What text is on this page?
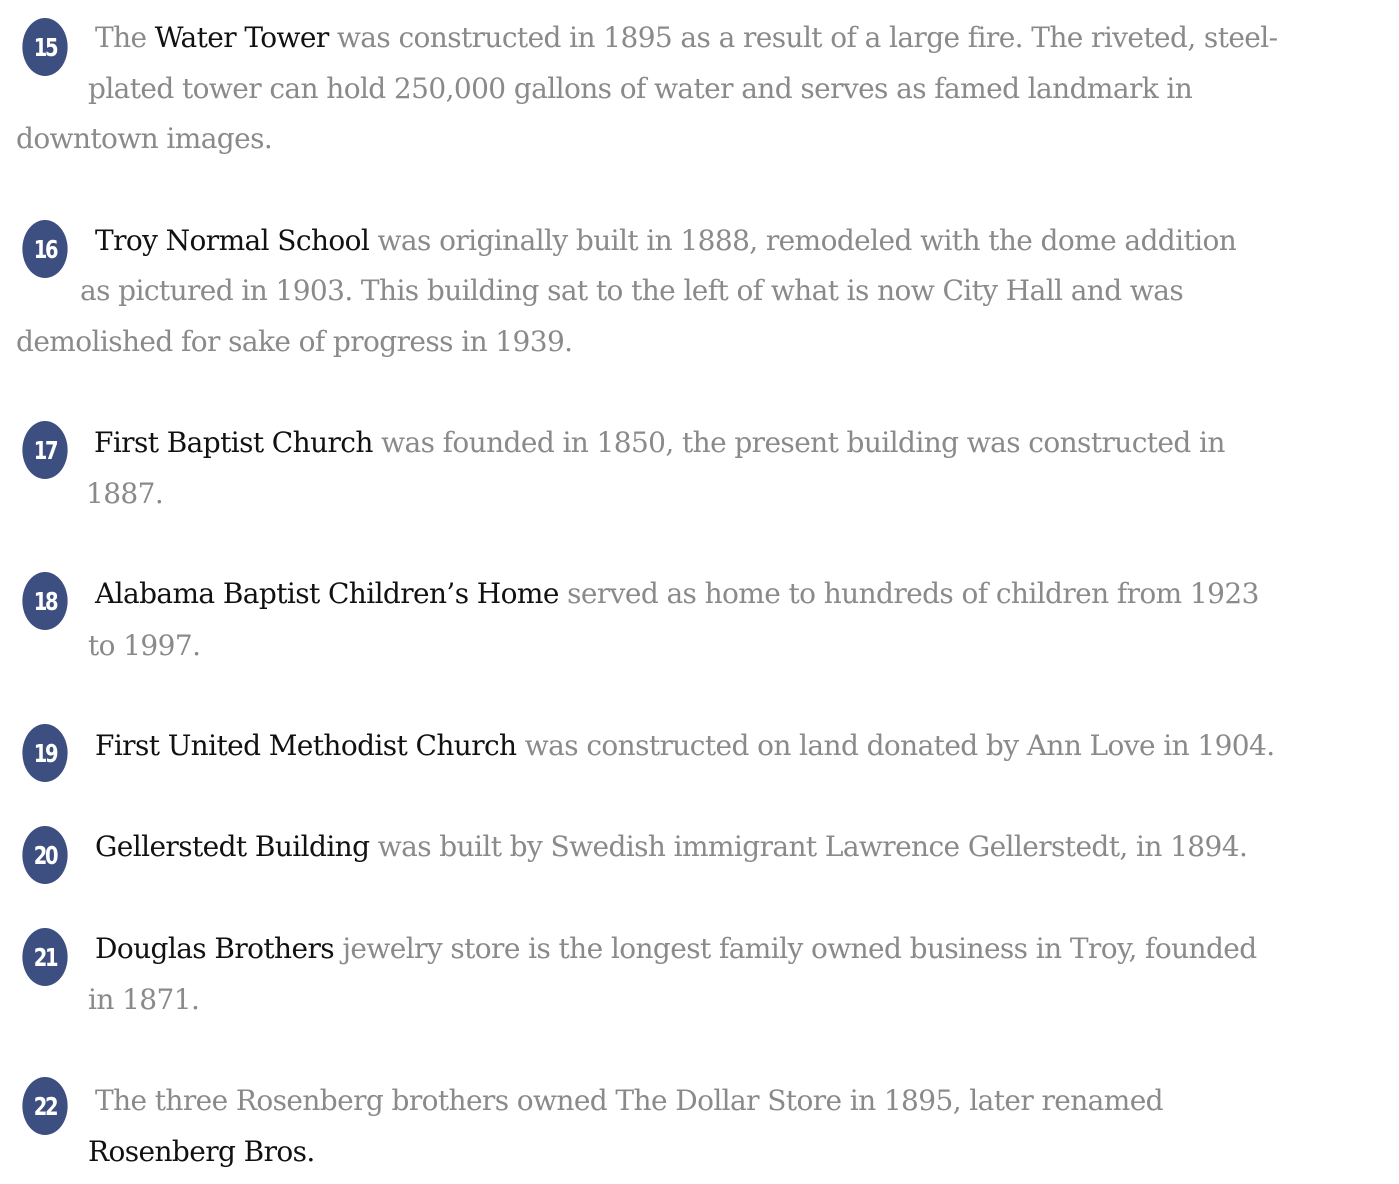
15	The Water Tower was constructed in 1895 as a result of a large fire. The riveted, steel-
plated tower can hold 250,000 gallons of water and serves as famed landmark in
downtown images.
16	Troy Normal School was originally built in 1888, remodeled with the dome addition
as pictured in 1903. This building sat to the left of what is now City Hall and was
demolished for sake of progress in 1939.
17	First Baptist Church was founded in 1850, the present building was constructed in
1887.
18	Alabama Baptist Children’s Home served as home to hundreds of children from 1923
to 1997.
19	First United Methodist Church was constructed on land donated by Ann Love in 1904.
20	Gellerstedt Building was built by Swedish immigrant Lawrence Gellerstedt, in 1894.
21	Douglas Brothers jewelry store is the longest family owned business in Troy, founded
in 1871.
22	The three Rosenberg brothers owned The Dollar Store in 1895, later renamed
Rosenberg Bros.
